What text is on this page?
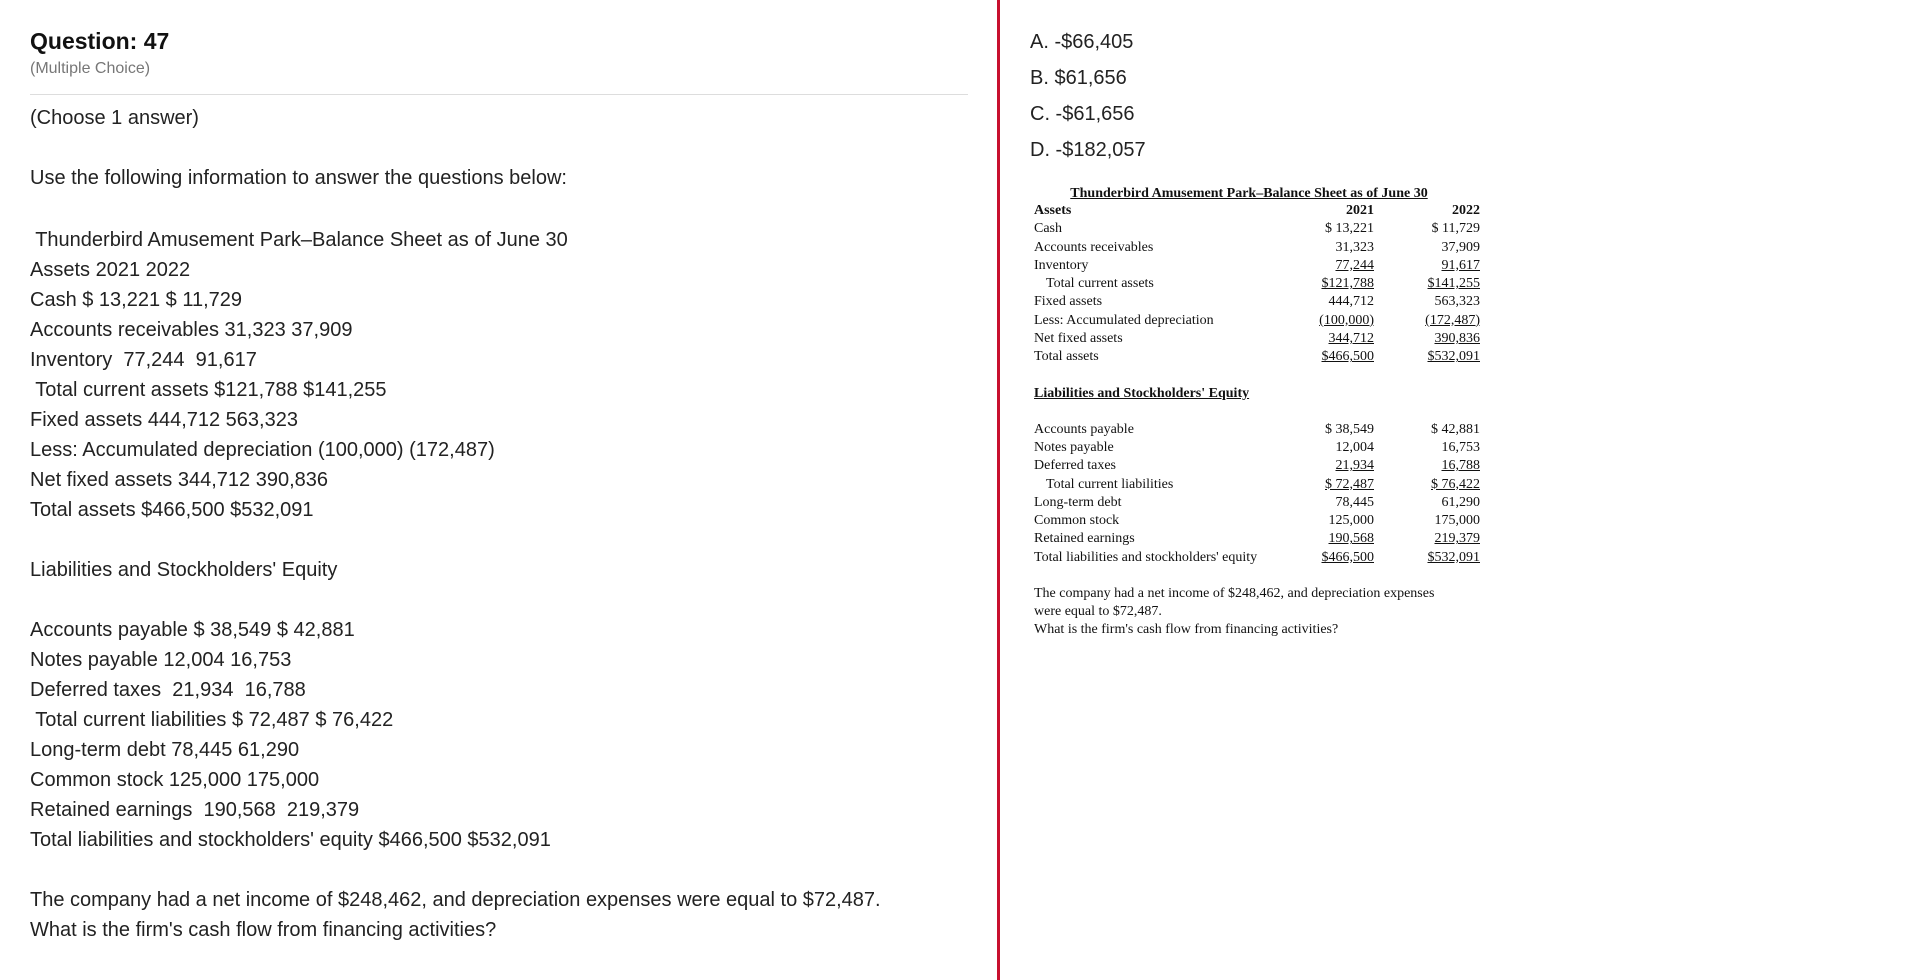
Question: 47
(Multiple Choice)
(Choose 1 answer)
Use the following information to answer the questions below:
Thunderbird Amusement Park–Balance Sheet as of June 30
Assets 2021 2022
Cash $ 13,221 $ 11,729
Accounts receivables 31,323 37,909
Inventory  77,244  91,617
Total current assets $121,788 $141,255
Fixed assets 444,712 563,323
Less: Accumulated depreciation (100,000) (172,487)
Net fixed assets 344,712 390,836
Total assets $466,500 $532,091
Liabilities and Stockholders' Equity
Accounts payable $ 38,549 $ 42,881
Notes payable 12,004 16,753
Deferred taxes  21,934  16,788
Total current liabilities $ 72,487 $ 76,422
Long-term debt 78,445 61,290
Common stock 125,000 175,000
Retained earnings  190,568  219,379
Total liabilities and stockholders' equity $466,500 $532,091
The company had a net income of $248,462, and depreciation expenses were equal to $72,487.
What is the firm's cash flow from financing activities?
A. -$66,405
B. $61,656
C. -$61,656
D. -$182,057
Thunderbird Amusement Park–Balance Sheet as of June 30
Assets	2021	2022
Cash	$ 13,221	$ 11,729
Accounts receivables	31,323	37,909
Inventory	77,244	91,617
Total current assets	$121,788	$141,255
Fixed assets	444,712	563,323
Less: Accumulated depreciation	(100,000)	(172,487)
Net fixed assets	344,712	390,836
Total assets	$466,500	$532,091
Liabilities and Stockholders' Equity
Accounts payable	$ 38,549	$ 42,881
Notes payable	12,004	16,753
Deferred taxes	21,934	16,788
Total current liabilities	$ 72,487	$ 76,422
Long-term debt	78,445	61,290
Common stock	125,000	175,000
Retained earnings	190,568	219,379
Total liabilities and stockholders' equity	$466,500	$532,091
The company had a net income of $248,462, and depreciation expenses
were equal to $72,487.
What is the firm's cash flow from financing activities?
